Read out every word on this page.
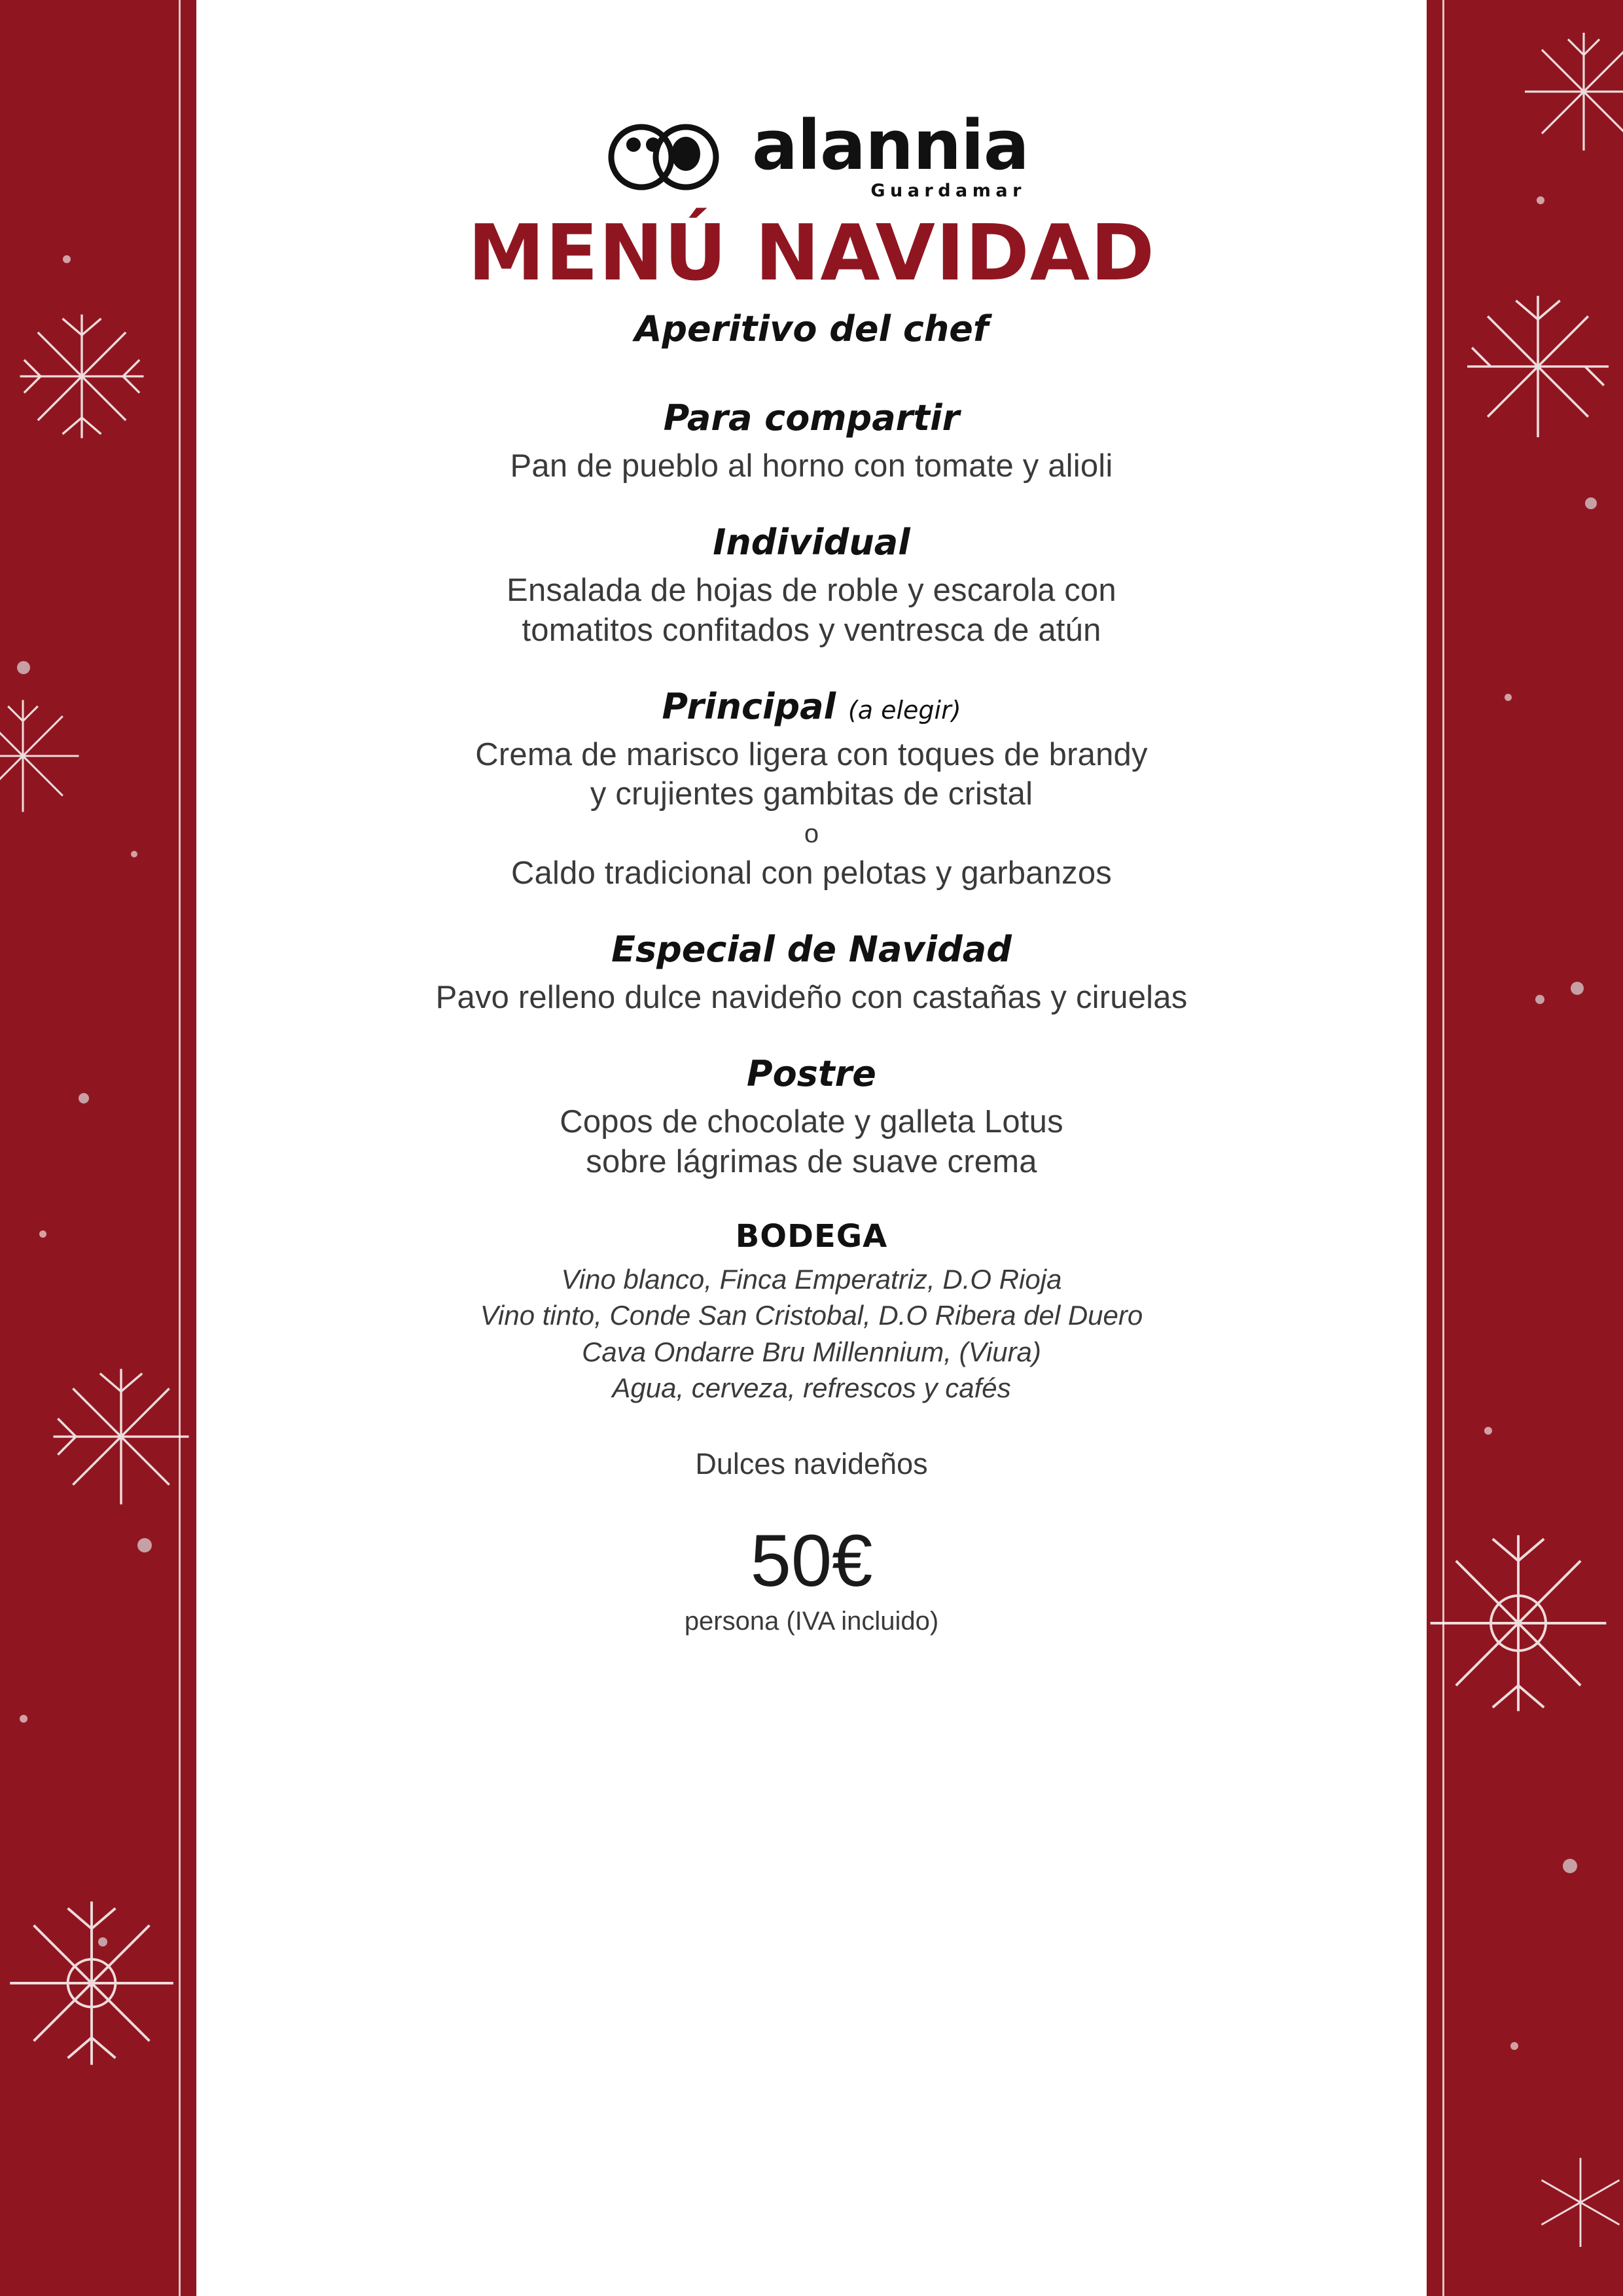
alannia
Guardamar
MENÚ NAVIDAD
Aperitivo del chef
Para compartir
Pan de pueblo al horno con tomate y alioli
Individual
Ensalada de hojas de roble y escarola con
tomatitos confitados y ventresca de atún
Principal (a elegir)
Crema de marisco ligera con toques de brandy
y crujientes gambitas de cristal
o
Caldo tradicional con pelotas y garbanzos
Especial de Navidad
Pavo relleno dulce navideño con castañas y ciruelas
Postre
Copos de chocolate y galleta Lotus
sobre lágrimas de suave crema
BODEGA
Vino blanco, Finca Emperatriz, D.O Rioja
Vino tinto, Conde San Cristobal, D.O Ribera del Duero
Cava Ondarre Bru Millennium, (Viura)
Agua, cerveza, refrescos y cafés
Dulces navideños
50€
persona (IVA incluido)
